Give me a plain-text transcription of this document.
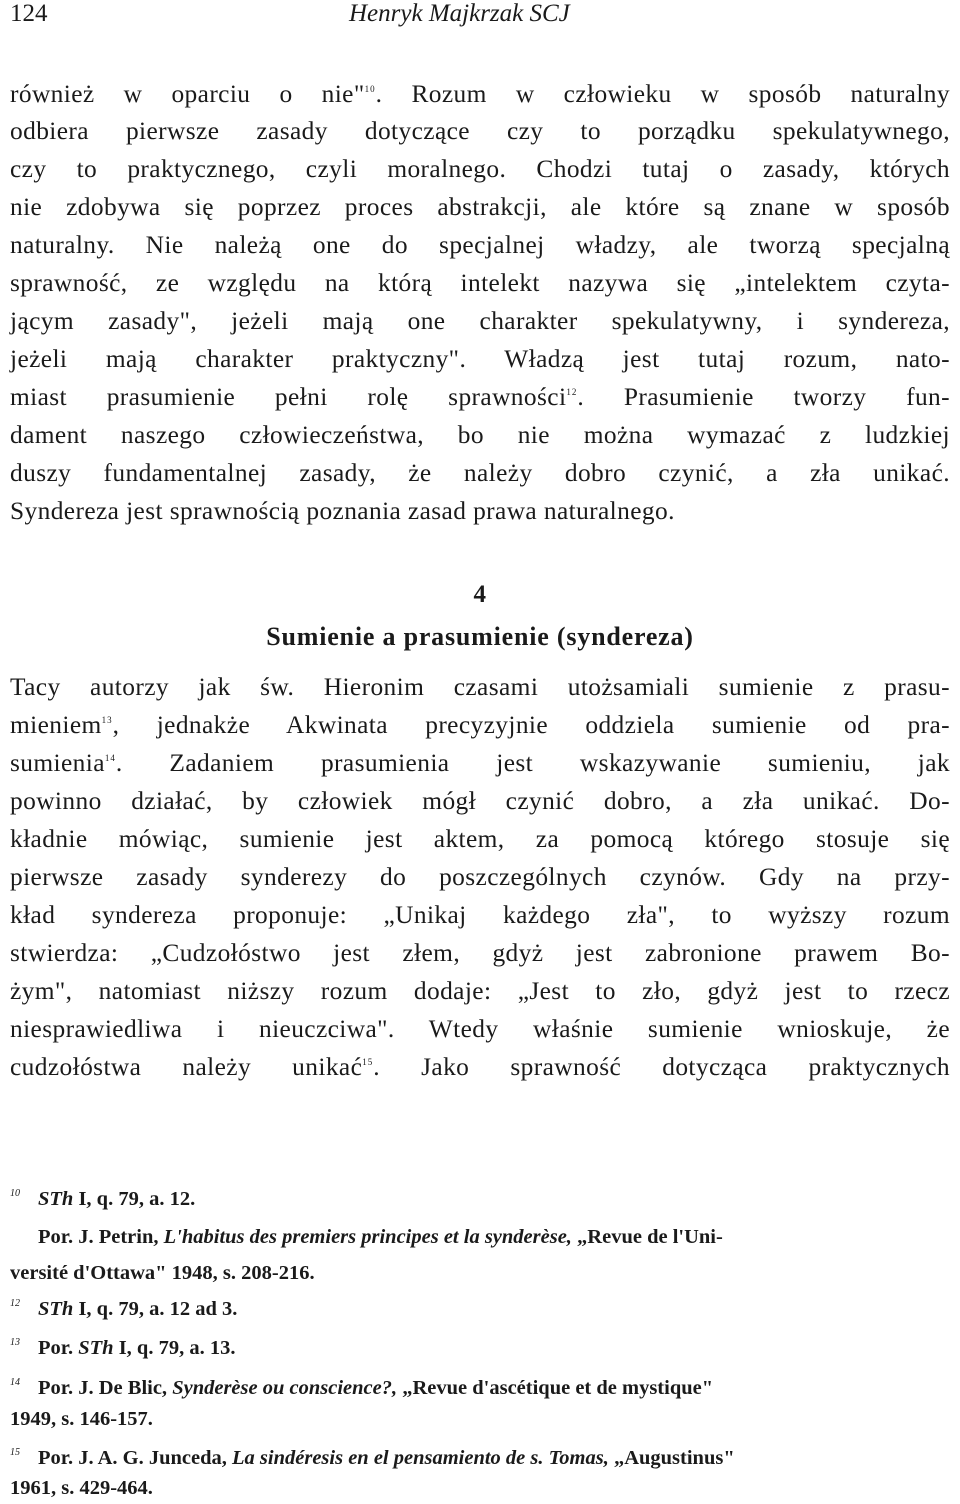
124	Henryk Majkrzak SCJ
również w oparciu o nie"$^{10}$. Rozum w człowieku w sposób naturalny
odbiera pierwsze zasady dotyczące czy to porządku spekulatywnego,
czy to praktycznego, czyli moralnego. Chodzi tutaj o zasady, których
nie zdobywa się poprzez proces abstrakcji, ale które są znane w sposób
naturalny. Nie należą one do specjalnej władzy, ale tworzą specjalną
sprawność, ze względu na którą intelekt nazywa się „intelektem czyta-
jącym zasady", jeżeli mają one charakter spekulatywny, i syndereza,
jeżeli mają charakter praktyczny". Władzą jest tutaj rozum, nato-
miast prasumienie pełni rolę sprawności$^{12}$. Prasumienie tworzy fun-
dament naszego człowieczeństwa, bo nie można wymazać z ludzkiej
duszy fundamentalnej zasady, że należy dobro czynić, a zła unikać.
Syndereza jest sprawnością poznania zasad prawa naturalnego.
4
Sumienie a prasumienie (syndereza)
Tacy autorzy jak św. Hieronim czasami utożsamiali sumienie z prasu-
mieniem$^{13}$, jednakże Akwinata precyzyjnie oddziela sumienie od pra-
sumienia$^{14}$. Zadaniem prasumienia jest wskazywanie sumieniu, jak
powinno działać, by człowiek mógł czynić dobro, a zła unikać. Do-
kładnie mówiąc, sumienie jest aktem, za pomocą którego stosuje się
pierwsze zasady synderezy do poszczególnych czynów. Gdy na przy-
kład syndereza proponuje: „Unikaj każdego zła", to wyższy rozum
stwierdza: „Cudzołóstwo jest złem, gdyż jest zabronione prawem Bo-
żym", natomiast niższy rozum dodaje: „Jest to zło, gdyż jest to rzecz
niesprawiedliwa i nieuczciwa". Wtedy właśnie sumienie wnioskuje, że
cudzołóstwa należy unikać$^{15}$. Jako sprawność dotycząca praktycznych
10 STh I, q. 79, a. 12.
Por. J. Petrin, L'habitus des premiers principes et la synderèse, „Revue de l'Uni-
versité d'Ottawa" 1948, s. 208-216.
12 STh I, q. 79, a. 12 ad 3.
13 Por. STh I, q. 79, a. 13.
14 Por. J. De Blic, Synderèse ou conscience?, „Revue d'ascétique et de mystique"
1949, s. 146-157.
15 Por. J. A. G. Junceda, La sindéresis en el pensamiento de s. Tomas, „Augustinus"
1961, s. 429-464.
